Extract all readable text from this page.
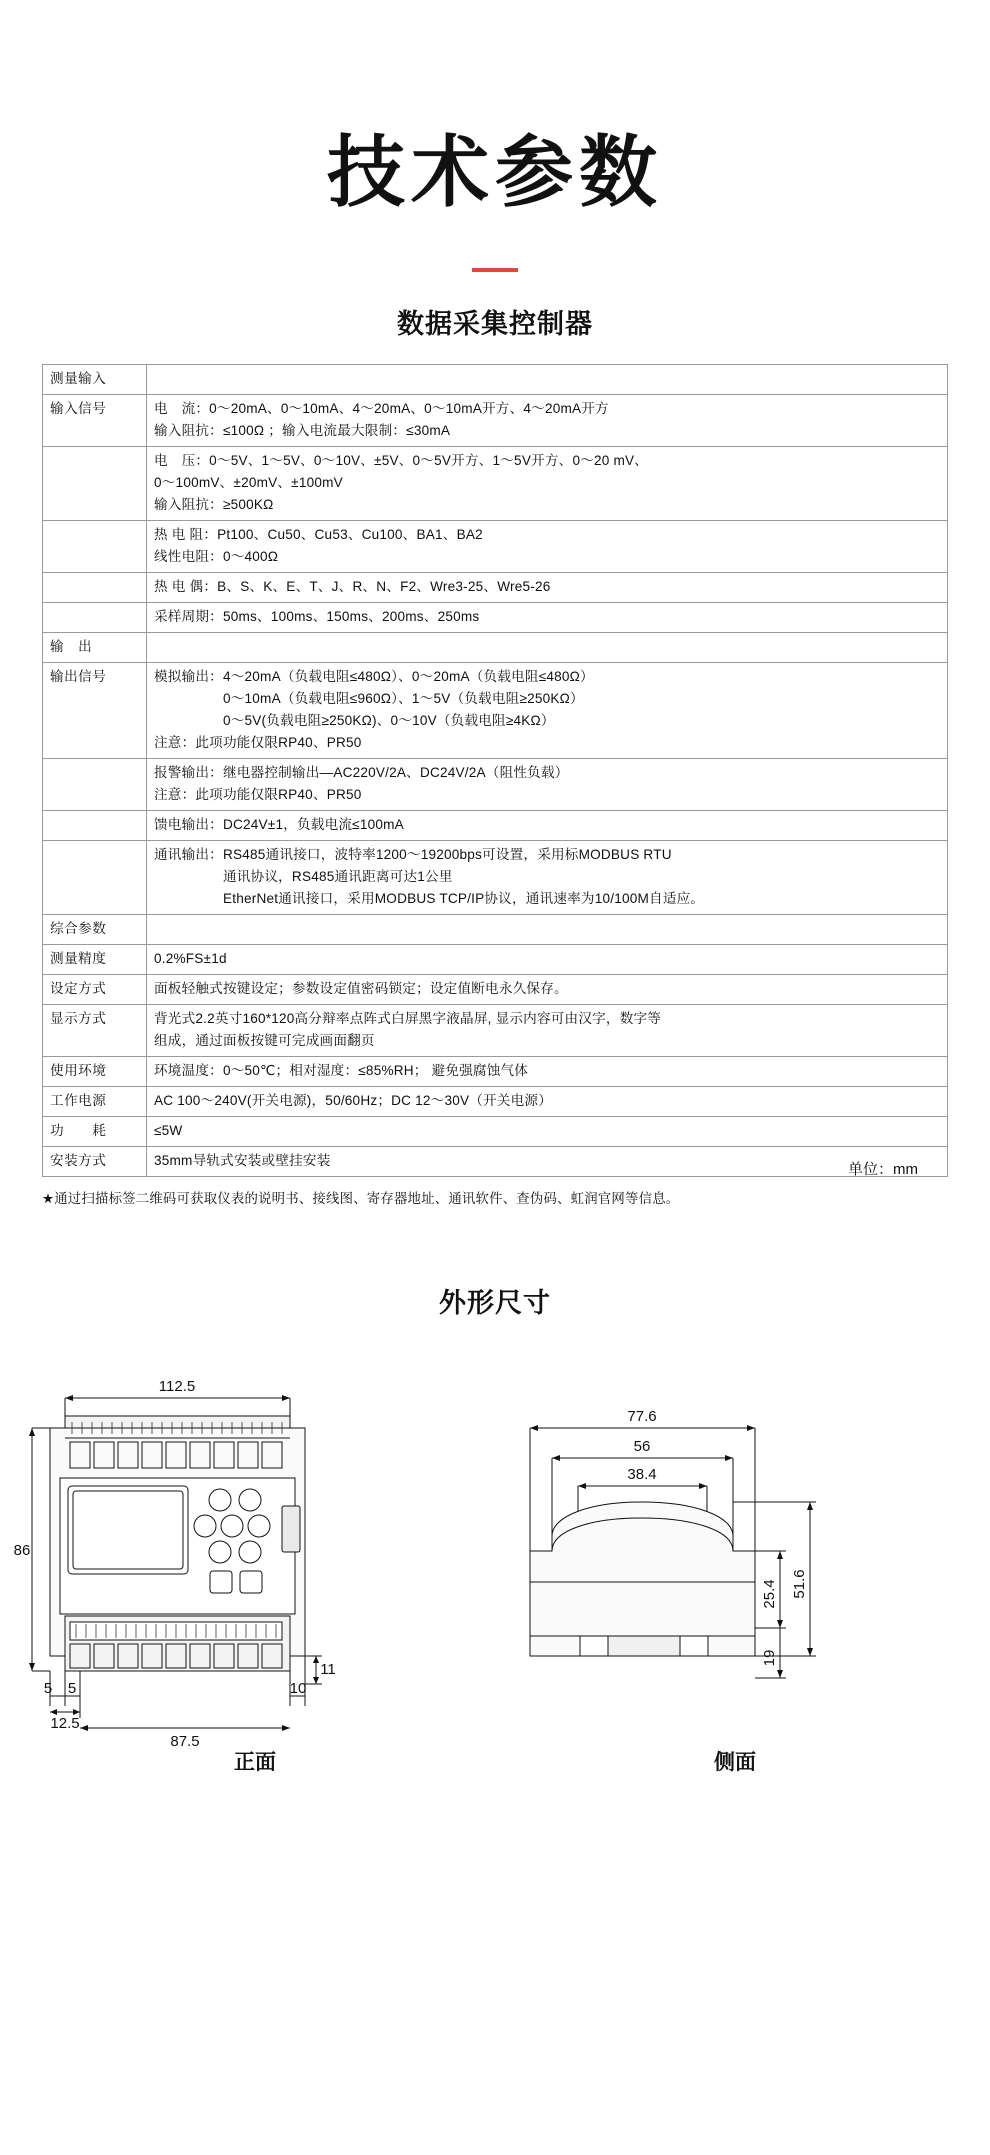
技术参数
数据采集控制器
测量输入	
输入信号	电　流：0～20mA、0～10mA、4～20mA、0～10mA开方、4～20mA开方
输入阻抗：≤100Ω ；输入电流最大限制：≤30mA

	电　压：0～5V、1～5V、0～10V、±5V、0～5V开方、1～5V开方、0～20 mV、
0～100mV、±20mV、±100mV
输入阻抗：≥500KΩ

	热 电 阻：Pt100、Cu50、Cu53、Cu100、BA1、BA2
线性电阻：0～400Ω

	热 电 偶：B、S、K、E、T、J、R、N、F2、Wre3-25、Wre5-26

	采样周期：50ms、100ms、150ms、200ms、250ms

输　出	
输出信号	模拟输出：4～20mA（负载电阻≤480Ω）、0～20mA（负载电阻≤480Ω）
　　　　　0～10mA（负载电阻≤960Ω）、1～5V（负载电阻≥250KΩ）
　　　　　0～5V(负载电阻≥250KΩ)、0～10V（负载电阻≥4KΩ）
注意：此项功能仅限RP40、PR50

	报警输出：继电器控制输出—AC220V/2A、DC24V/2A（阻性负载）
注意：此项功能仅限RP40、PR50

	馈电输出：DC24V±1，负载电流≤100mA

	通讯输出：RS485通讯接口，波特率1200～19200bps可设置，采用标MODBUS RTU
　　　　　通讯协议，RS485通讯距离可达1公里
　　　　　EtherNet通讯接口，采用MODBUS TCP/IP协议，通讯速率为10/100M自适应。

综合参数	
测量精度	0.2%FS±1d

设定方式	面板轻触式按键设定；参数设定值密码锁定；设定值断电永久保存。

显示方式	背光式2.2英寸160*120高分辩率点阵式白屏黑字液晶屏, 显示内容可由汉字，数字等
组成，通过面板按键可完成画面翻页

使用环境	环境温度：0～50℃；相对湿度：≤85%RH； 避免强腐蚀气体

工作电源	AC 100～240V(开关电源)，50/60Hz；DC 12～30V（开关电源）

功　　耗	≤5W

安装方式	35mm导轨式安装或壁挂安装
★通过扫描标签二维码可获取仪表的说明书、接线图、寄存器地址、通讯软件、查伪码、虹润官网等信息。
外形尺寸
单位：mm
112.5
86
5 5
12.5
87.5
10
11
77.6
56
38.4
25.4 51.6
19
正面	侧面
